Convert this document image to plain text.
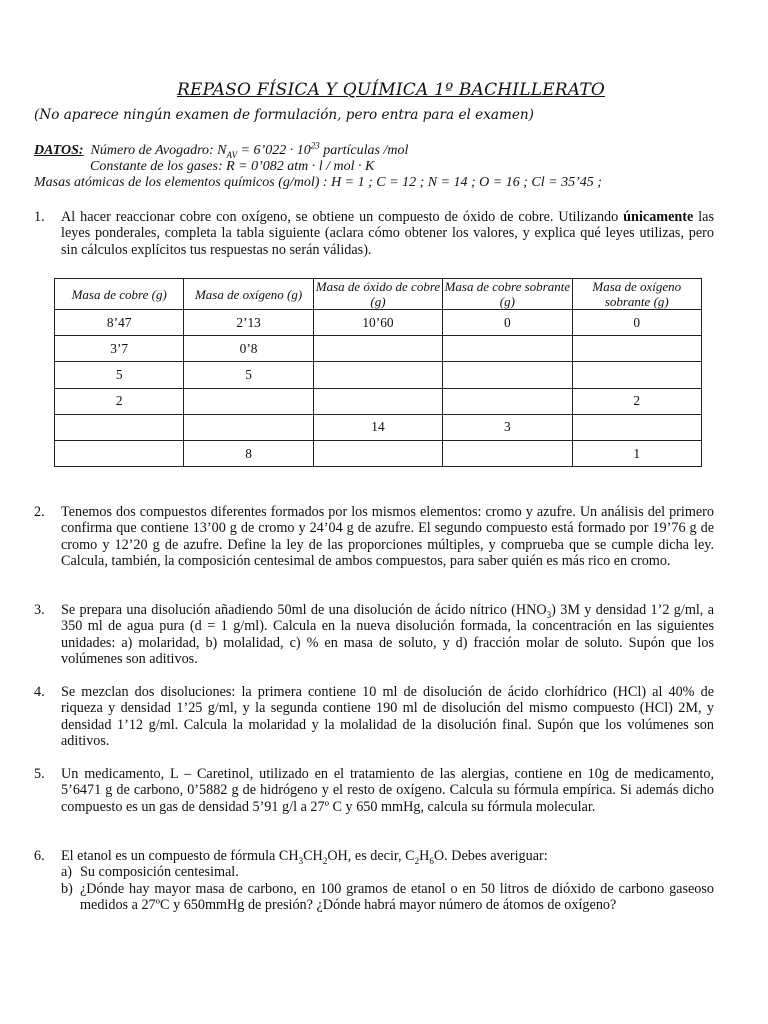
REPASO FÍSICA Y QUÍMICA 1º BACHILLERATO
(No aparece ningún examen de formulación, pero entra para el examen)
DATOS:  Número de Avogadro: $N_{AV}$ = 6’022 · $10^{23}$ partículas /mol
Constante de los gases: R = 0’082 atm · l / mol · K
Masas atómicas de los elementos químicos (g/mol) : H = 1 ; C = 12 ; N = 14 ; O = 16 ; Cl = 35’45 ;
1. Al hacer reaccionar cobre con oxígeno, se obtiene un compuesto de óxido de cobre. Utilizando únicamente las leyes ponderales, completa la tabla siguiente (aclara cómo obtener los valores, y explica qué leyes utilizas, pero sin cálculos explícitos tus respuestas no serán válidas).
Masa de cobre (g)	Masa de oxígeno (g)	Masa de óxido de cobre (g)	Masa de cobre sobrante (g)	Masa de oxígeno sobrante (g)
8’47	2’13	10’60	0	0
3’7	0’8			
5	5			
2				2
		14	3	
	8			1
2. Tenemos dos compuestos diferentes formados por los mismos elementos: cromo y azufre. Un análisis del primero confirma que contiene 13’00 g de cromo y 24’04 g de azufre. El segundo compuesto está formado por 19’76 g de cromo y 12’20 g de azufre. Define la ley de las proporciones múltiples, y comprueba que se cumple dicha ley. Calcula, también, la composición centesimal de ambos compuestos, para saber quién es más rico en cromo.
3. Se prepara una disolución añadiendo 50ml de una disolución de ácido nítrico $(HNO_3)$ 3M y densidad 1’2 g/ml, a 350 ml de agua pura (d = 1 g/ml). Calcula en la nueva disolución formada, la concentración en las siguientes unidades: a) molaridad, b) molalidad, c) % en masa de soluto, y d) fracción molar de soluto. Supón que los volúmenes son aditivos.
4. Se mezclan dos disoluciones: la primera contiene 10 ml de disolución de ácido clorhídrico (HCl) al 40% de riqueza y densidad 1’25 g/ml, y la segunda contiene 190 ml de disolución del mismo compuesto (HCl) 2M, y densidad 1’12 g/ml. Calcula la molaridad y la molalidad de la disolución final. Supón que los volúmenes son aditivos.
5. Un medicamento, L – Caretinol, utilizado en el tratamiento de las alergias, contiene en 10g de medicamento, 5’6471 g de carbono, 0’5882 g de hidrógeno y el resto de oxígeno. Calcula su fórmula empírica. Si además dicho compuesto es un gas de densidad 5’91 g/l a 27º C y 650 mmHg, calcula su fórmula molecular.
6. El etanol es un compuesto de fórmula $CH_3CH_2OH$, es decir, $C_2H_6O$. Debes averiguar:
a) Su composición centesimal.
b) ¿Dónde hay mayor masa de carbono, en 100 gramos de etanol o en 50 litros de dióxido de carbono gaseoso medidos a 27ºC y 650mmHg de presión? ¿Dónde habrá mayor número de átomos de oxígeno?
